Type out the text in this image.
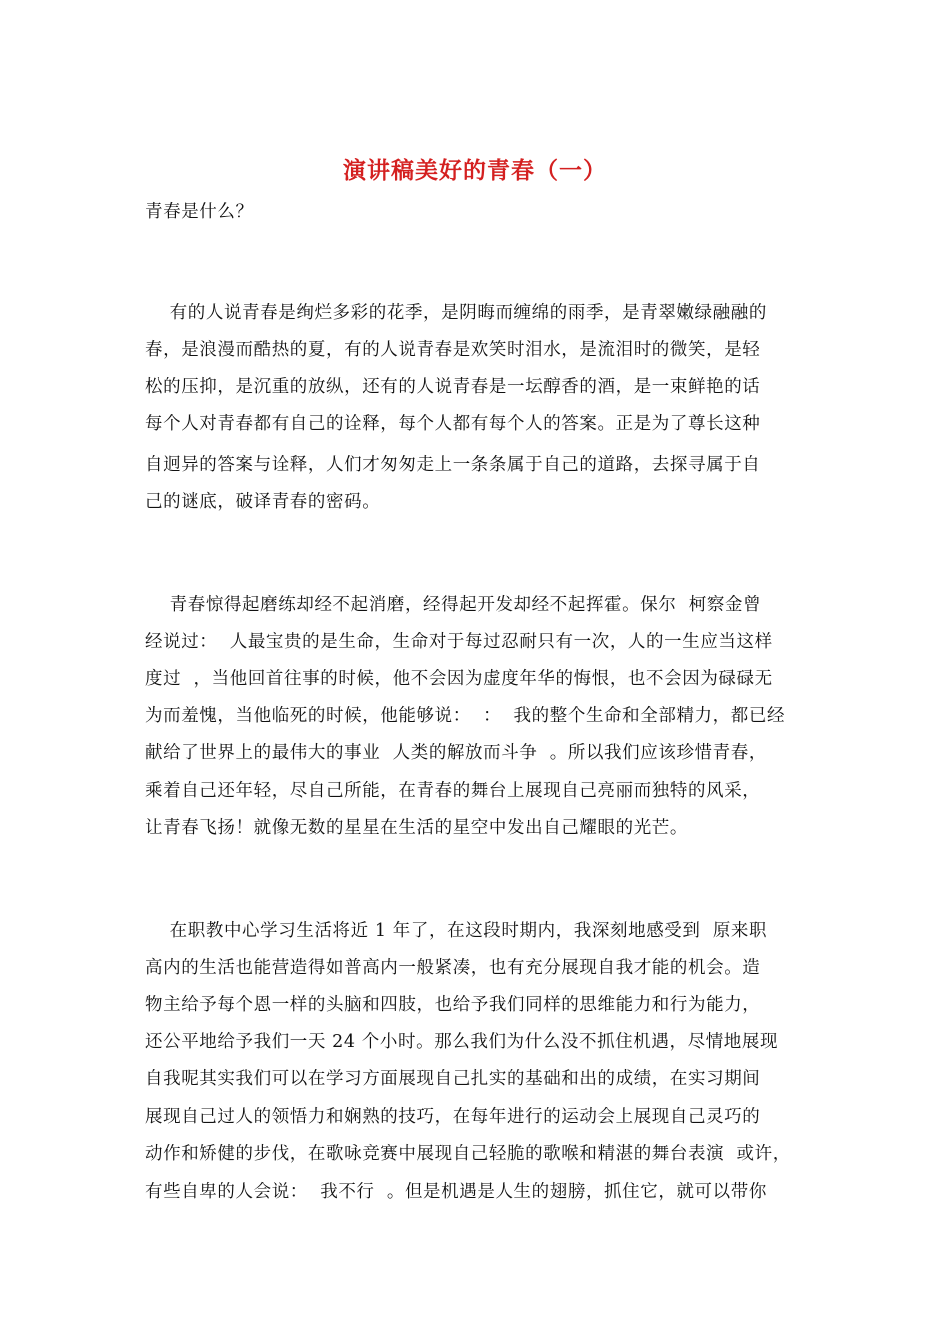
演讲稿美好的青春（一）
青春是什么？
有的人说青春是绚烂多彩的花季，是阴晦而缠绵的雨季，是青翠嫩绿融融的
春，是浪漫而酷热的夏，有的人说青春是欢笑时泪水，是流泪时的微笑，是轻
松的压抑，是沉重的放纵，还有的人说青春是一坛醇香的酒，是一束鲜艳的话
每个人对青春都有自己的诠释，每个人都有每个人的答案。正是为了尊长这种
自迥异的答案与诠释，人们才匆匆走上一条条属于自己的道路，去探寻属于自
己的谜底，破译青春的密码。
青春惊得起磨练却经不起消磨，经得起开发却经不起挥霍。保尔  柯察金曾
经说过：  人最宝贵的是生命，生命对于每过忍耐只有一次，人的一生应当这样
度过  ，当他回首往事的时候，他不会因为虚度年华的悔恨，也不会因为碌碌无
为而羞愧，当他临死的时候，他能够说：  ：  我的整个生命和全部精力，都已经
献给了世界上的最伟大的事业  人类的解放而斗争  。所以我们应该珍惜青春，
乘着自己还年轻，尽自己所能，在青春的舞台上展现自己亮丽而独特的风采，
让青春飞扬！就像无数的星星在生活的星空中发出自己耀眼的光芒。
在职教中心学习生活将近 1 年了，在这段时期内，我深刻地感受到  原来职
高内的生活也能营造得如普高内一般紧凑，也有充分展现自我才能的机会。造
物主给予每个恩一样的头脑和四肢，也给予我们同样的思维能力和行为能力，
还公平地给予我们一天 24 个小时。那么我们为什么没不抓住机遇，尽情地展现
自我呢其实我们可以在学习方面展现自己扎实的基础和出的成绩，在实习期间
展现自己过人的领悟力和娴熟的技巧，在每年进行的运动会上展现自己灵巧的
动作和矫健的步伐，在歌咏竞赛中展现自己轻脆的歌喉和精湛的舞台表演  或许，
有些自卑的人会说：  我不行  。但是机遇是人生的翅膀，抓住它，就可以带你
